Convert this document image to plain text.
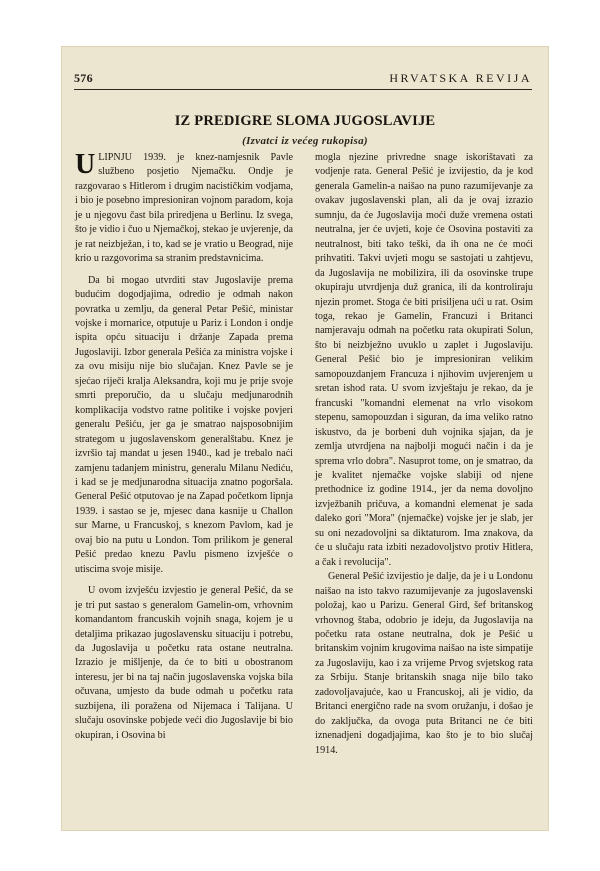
576	HRVATSKA REVIJA
IZ PREDIGRE SLOMA JUGOSLAVIJE
(Izvatci iz većeg rukopisa)

ULIPNJU 1939. je knez-namjesnik Pavle službeno posjetio Njemačku. Ondje je razgovarao s Hitlerom i drugim nacističkim vodjama, i bio je posebno impresioniran vojnom paradom, koja je u njegovu čast bila priredjena u Berlinu. Iz svega, što je vidio i čuo u Njemačkoj, stekao je uvjerenje, da je rat neizbježan, i to, kad se je vratio u Beograd, nije krio u razgovorima sa stranim predstavnicima.

Da bi mogao utvrditi stav Jugoslavije prema budućim dogodjajima, odredio je odmah nakon povratka u zemlju, da general Petar Pešić, ministar vojske i mornarice, otputuje u Pariz i London i ondje ispita opću situaciju i držanje Zapada prema Jugoslaviji. Izbor generala Pešića za ministra vojske i za ovu misiju nije bio slučajan. Knez Pavle se je sjećao riječi kralja Aleksandra, koji mu je prije svoje smrti preporučio, da u slučaju medjunarodnih komplikacija vodstvo ratne politike i vojske povjeri generalu Pešiću, jer ga je smatrao najsposobnijim strategom u jugoslavenskom generalštabu. Knez je izvršio taj mandat u jesen 1940., kad je trebalo naći zamjenu tadanjem ministru, generalu Milanu Nediću, i kad se je medjunarodna situacija znatno pogoršala. General Pešić otputovao je na Zapad početkom lipnja 1939. i sastao se je, mjesec dana kasnije u Challon sur Marne, u Francuskoj, s knezom Pavlom, kad je ovaj bio na putu u London. Tom prilikom je general Pešić predao knezu Pavlu pismeno izvješće o utiscima svoje misije.

U ovom izvješću izvjestio je general Pešić, da se je tri put sastao s generalom Gamelin-om, vrhovnim komandantom francuskih vojnih snaga, kojem je u detaljima prikazao jugoslavensku situaciju i potrebu, da Jugoslavija u početku rata ostane neutralna. Izrazio je mišljenje, da će to biti u obostranom interesu, jer bi na taj način jugoslavenska vojska bila očuvana, umjesto da bude odmah u početku rata suzbijena, ili poražena od Nijemaca i Talijana. U slučaju osovinske pobjede veći dio Jugoslavije bi bio okupiran, i Osovina bi

mogla njezine privredne snage iskorištavati za vodjenje rata. General Pešić je izvijestio, da je kod generala Gamelin-a naišao na puno razumijevanje za ovakav jugoslavenski plan, ali da je ovaj izrazio sumnju, da će Jugoslavija moći duže vremena ostati neutralna, jer će uvjeti, koje će Osovina postaviti za neutralnost, biti tako teški, da ih ona ne će moći prihvatiti. Takvi uvjeti mogu se sastojati u zahtjevu, da Jugoslavija ne mobilizira, ili da osovinske trupe okupiraju utvrdjenja duž granica, ili da kontroliraju njezin promet. Stoga će biti prisiljena ući u rat. Osim toga, rekao je Gamelin, Francuzi i Britanci namjeravaju odmah na početku rata okupirati Solun, što bi neizbježno uvuklo u zaplet i Jugoslaviju. General Pešić bio je impresioniran velikim samopouzdanjem Francuza i njihovim uvjerenjem u sretan ishod rata. U svom izvještaju je rekao, da je francuski "komandni elemenat na vrlo visokom stepenu, samopouzdan i siguran, da ima veliko ratno iskustvo, da je borbeni duh vojnika sjajan, da je zemlja utvrdjena na najbolji mogući način i da je sprema vrlo dobra". Nasuprot tome, on je smatrao, da je kvalitet njemačke vojske slabiji od njene prethodnice iz godine 1914., jer da nema dovoljno izvježbanih pričuva, a komandni elemenat je sada daleko gori "Mora" (njemačke) vojske jer je slab, jer su oni nezadovoljni sa diktaturom. Ima znakova, da će u slučaju rata izbiti nezadovoljstvo protiv Hitlera, a čak i revolucija".

General Pešić izvijestio je dalje, da je i u Londonu naišao na isto takvo razumijevanje za jugoslavenski položaj, kao u Parizu. General Gird, šef britanskog vrhovnog štaba, odobrio je ideju, da Jugoslavija na početku rata ostane neutralna, dok je Pešić u britanskim vojnim krugovima naišao na iste simpatije za Jugoslaviju, kao i za vrijeme Prvog svjetskog rata za Srbiju. Stanje britanskih snaga nije bilo tako zadovoljavajuće, kao u Francuskoj, ali je vidio, da Britanci energično rade na svom oružanju, i došao je do zaključka, da ovoga puta Britanci ne će biti iznenadjeni dogadjajima, kao što je to bio slučaj 1914.
